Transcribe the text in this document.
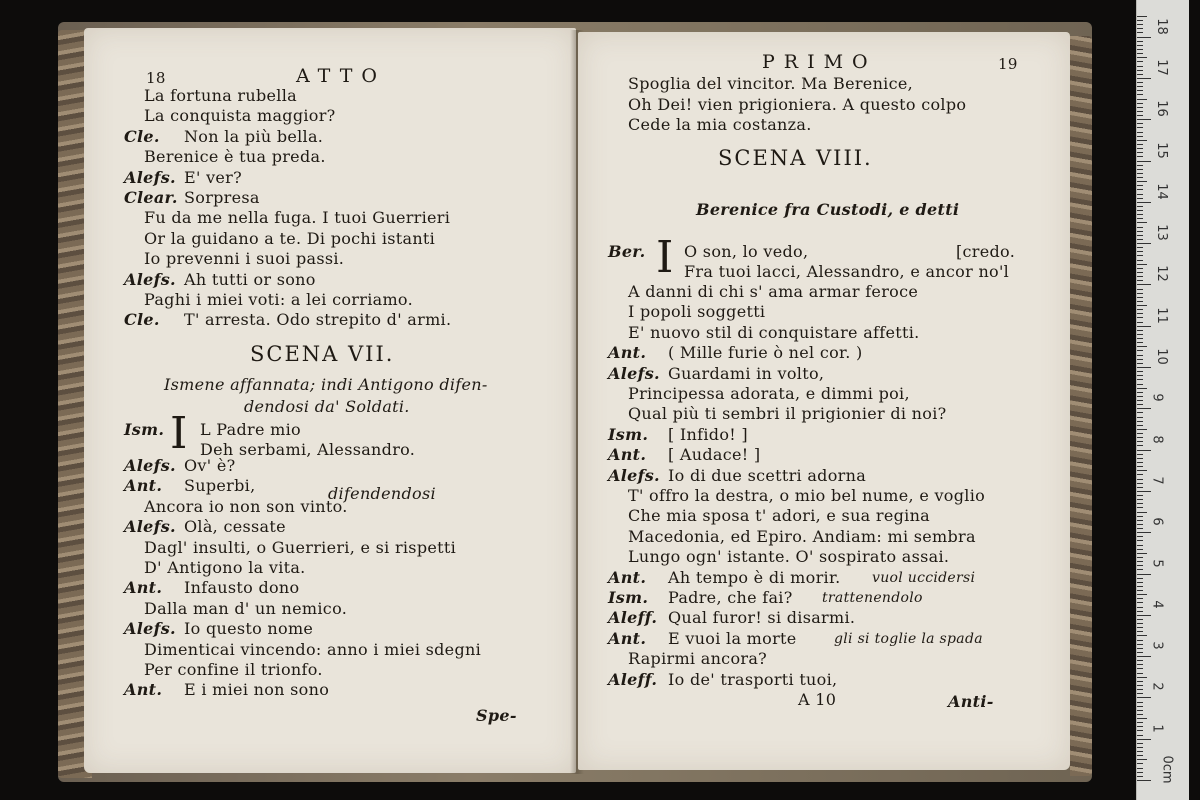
18	ATTO
La fortuna rubella
La conquista maggior?
Cle. Non la più bella.
Berenice è tua preda.
Alefs. E' ver?
Clear. Sorpresa
Fu da me nella fuga. I tuoi Guerrieri
Or la guidano a te. Di pochi istanti
Io prevenni i suoi passi.
Alefs. Ah tutti or sono
Paghi i miei voti: a lei corriamo.
Cle. T' arresta. Odo strepito d' armi.
SCENA VII.
Ismene affannata; indi Antigono difen-
dendosi da' Soldati.
Ism. I L Padre mio
Deh serbami, Alessandro.
Alefs. Ov' è?
Ant. Superbi,
Ancora io non son vinto.
Alefs. Olà, cessate
Dagl' insulti, o Guerrieri, e si rispetti
D' Antigono la vita.
Ant. Infausto dono
Dalla man d' un nemico.
Alefs. Io questo nome
Dimenticai vincendo: anno i miei sdegni
Per confine il trionfo.
Ant. E i miei non sono
difendendosi
Spe-
PRIMO	19
Spoglia del vincitor. Ma Berenice,
Oh Dei! vien prigioniera. A questo colpo
Cede la mia costanza.
SCENA VIII.
Berenice fra Custodi, e detti
Ber. I O son, lo vedo,	[credo.
Fra tuoi lacci, Alessandro, e ancor no'l
A danni di chi s' ama armar feroce
I popoli soggetti
E' nuovo stil di conquistare affetti.
Ant. ( Mille furie ò nel cor. )
Alefs. Guardami in volto,
Principessa adorata, e dimmi poi,
Qual più ti sembri il prigionier di noi?
Ism. [ Infido! ]
Ant. [ Audace! ]
Alefs. Io di due scettri adorna
T' offro la destra, o mio bel nume, e voglio
Che mia sposa t' adori, e sua regina
Macedonia, ed Epiro. Andiam: mi sembra
Lungo ogn' istante. O' sospirato assai.
Ant. Ah tempo è di morir.
Ism. Padre, che fai?
Aleff. Qual furor! si disarmi.
Ant. E vuoi la morte
Rapirmi ancora?
Aleff. Io de' trasporti tuoi,
vuol uccidersi
trattenendolo
gli si toglie la spada
A 10	Anti-
0cm
1
2
3
4
5
6
7
8
9
10
11
12
13
14
15
16
17
18
